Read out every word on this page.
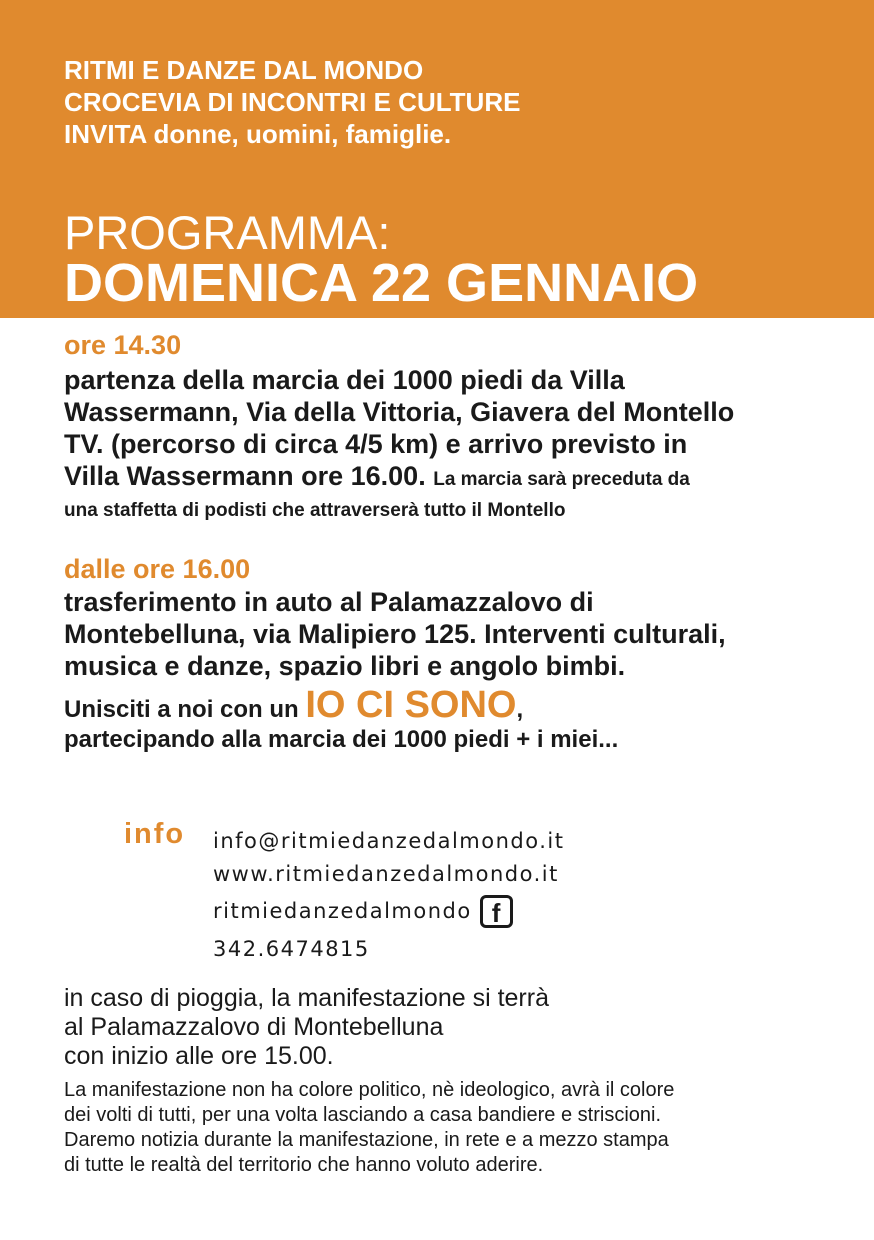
RITMI E DANZE DAL MONDO
CROCEVIA DI INCONTRI E CULTURE
INVITA donne, uomini, famiglie.
PROGRAMMA:
DOMENICA 22 GENNAIO
ore 14.30
partenza della marcia dei 1000 piedi da Villa
Wassermann, Via della Vittoria, Giavera del Montello
TV. (percorso di circa 4/5 km) e arrivo previsto in
Villa Wassermann ore 16.00. La marcia sarà preceduta da
una staffetta di podisti che attraverserà tutto il Montello
dalle ore 16.00
trasferimento in auto al Palamazzalovo di
Montebelluna, via Malipiero 125. Interventi culturali,
musica e danze, spazio libri e angolo bimbi.
Unisciti a noi con un IO CI SONO,
partecipando alla marcia dei 1000 piedi + i miei...
info info@ritmiedanzedalmondo.it
www.ritmiedanzedalmondo.it
ritmiedanzedalmondo f
342.6474815
in caso di pioggia, la manifestazione si terrà
al Palamazzalovo di Montebelluna
con inizio alle ore 15.00.
La manifestazione non ha colore politico, nè ideologico, avrà il colore
dei volti di tutti, per una volta lasciando a casa bandiere e striscioni.
Daremo notizia durante la manifestazione, in rete e a mezzo stampa
di tutte le realtà del territorio che hanno voluto aderire.
